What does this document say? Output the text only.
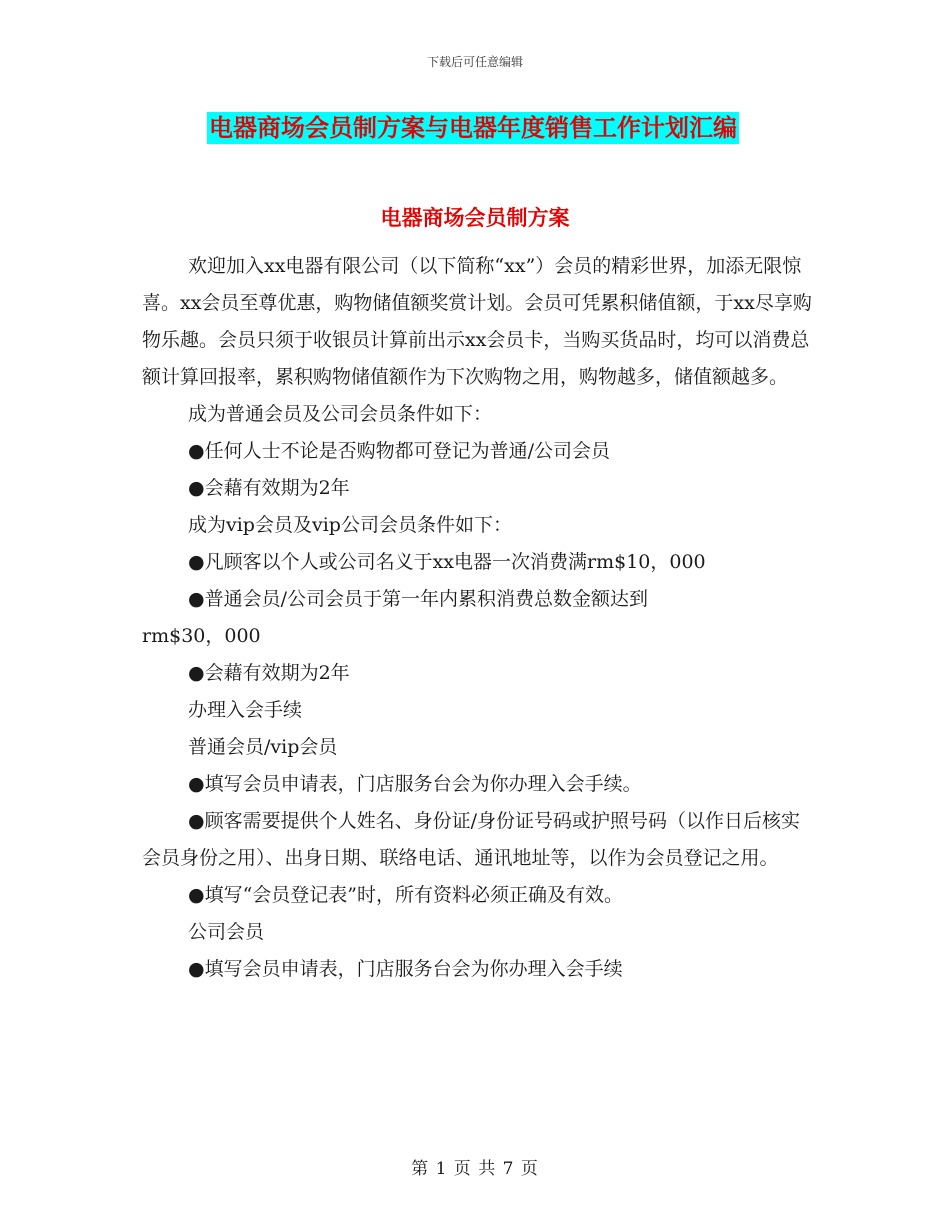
下载后可任意编辑
电器商场会员制方案与电器年度销售工作计划汇编
电器商场会员制方案

欢迎加入xx电器有限公司（以下简称“xx”）会员的精彩世界，加添无限惊喜。xx会员至尊优惠，购物储值额奖赏计划。会员可凭累积储值额，于xx尽享购物乐趣。会员只须于收银员计算前出示xx会员卡，当购买货品时，均可以消费总额计算回报率，累积购物储值额作为下次购物之用，购物越多，储值额越多。

成为普通会员及公司会员条件如下：

●任何人士不论是否购物都可登记为普通/公司会员

●会藉有效期为2年

成为vip会员及vip公司会员条件如下：

●凡顾客以个人或公司名义于xx电器一次消费满rm$10，000

●普通会员/公司会员于第一年内累积消费总数金额达到

rm$30，000

●会藉有效期为2年

办理入会手续

普通会员/vip会员

●填写会员申请表，门店服务台会为你办理入会手续。

●顾客需要提供个人姓名、身份证/身份证号码或护照号码（以作日后核实会员身份之用）、出身日期、联络电话、通讯地址等，以作为会员登记之用。

●填写“会员登记表”时，所有资料必须正确及有效。

公司会员

●填写会员申请表，门店服务台会为你办理入会手续

第 1 页 共 7 页
